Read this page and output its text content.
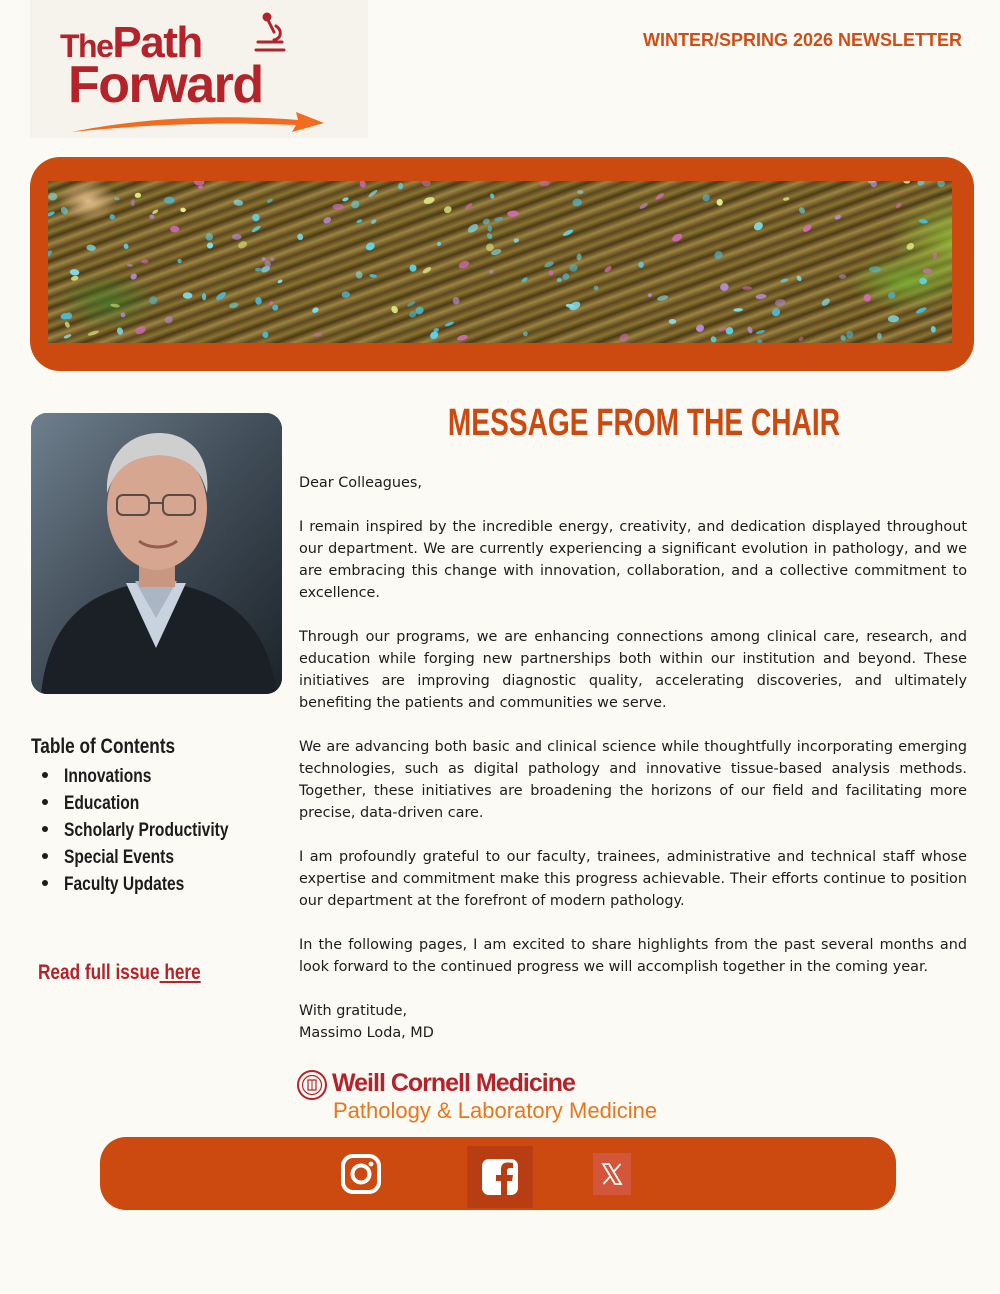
ThePath
Forward
WINTER/SPRING 2026 NEWSLETTER
Table of Contents
Innovations
Education
Scholarly Productivity
Special Events
Faculty Updates
Read full issue here
MESSAGE FROM THE CHAIR

Dear Colleagues,

I remain inspired by the incredible energy, creativity, and dedication displayed throughout our department. We are currently experiencing a significant evolution in pathology, and we are embracing this change with innovation, collaboration, and a collective commitment to excellence.

Through our programs, we are enhancing connections among clinical care, research, and education while forging new partnerships both within our institution and beyond. These initiatives are improving diagnostic quality, accelerating discoveries, and ultimately benefiting the patients and communities we serve.

We are advancing both basic and clinical science while thoughtfully incorporating emerging technologies, such as digital pathology and innovative tissue-based analysis methods. Together, these initiatives are broadening the horizons of our field and facilitating more precise, data-driven care.

I am profoundly grateful to our faculty, trainees, administrative and technical staff whose expertise and commitment make this progress achievable. Their efforts continue to position our department at the forefront of modern pathology.

In the following pages, I am excited to share highlights from the past several months and look forward to the continued progress we will accomplish together in the coming year.

With gratitude,

Massimo Loda, MD

Weill Cornell Medicine
Pathology & Laboratory Medicine
